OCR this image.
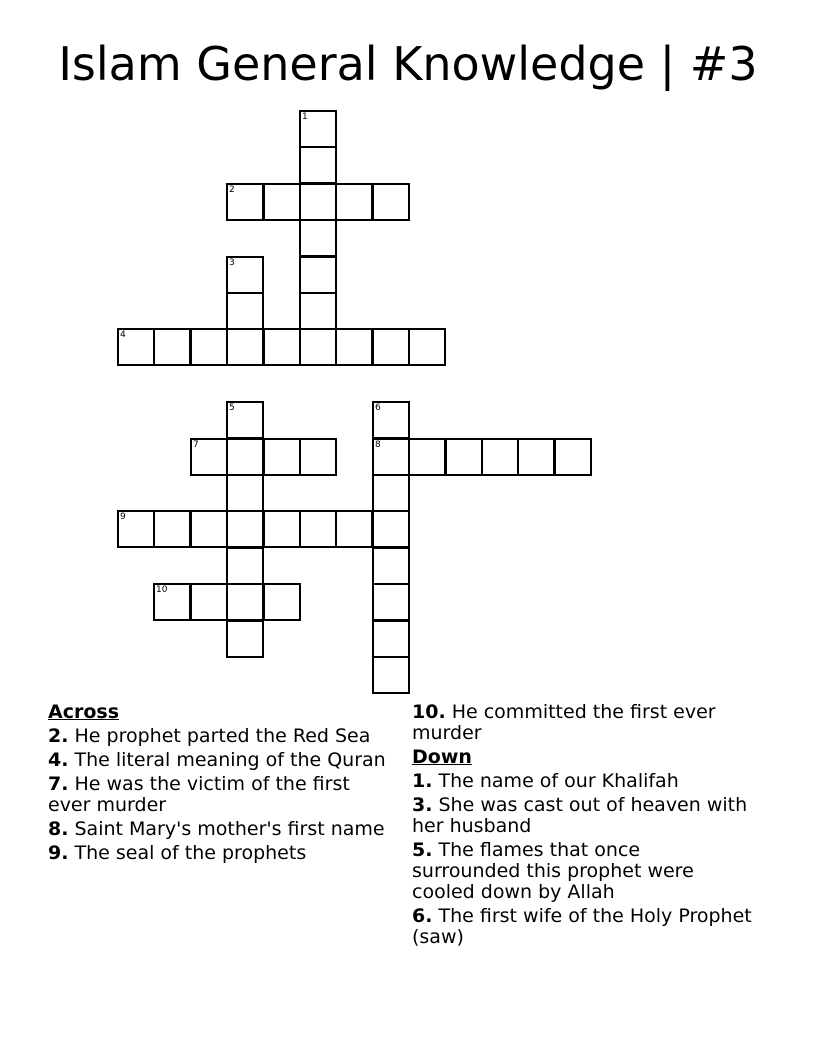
Islam General Knowledge | #3
1
2
3
4
5	6
8
7
9
10
Across
2. He prophet parted the Red Sea
4. The literal meaning of the Quran
7. He was the victim of the first ever murder
8. Saint Mary's mother's first name
9. The seal of the prophets
10. He committed the first ever murder
Down
1. The name of our Khalifah
3. She was cast out of heaven with her husband
5. The flames that once surrounded this prophet were cooled down by Allah
6. The first wife of the Holy Prophet (saw)
